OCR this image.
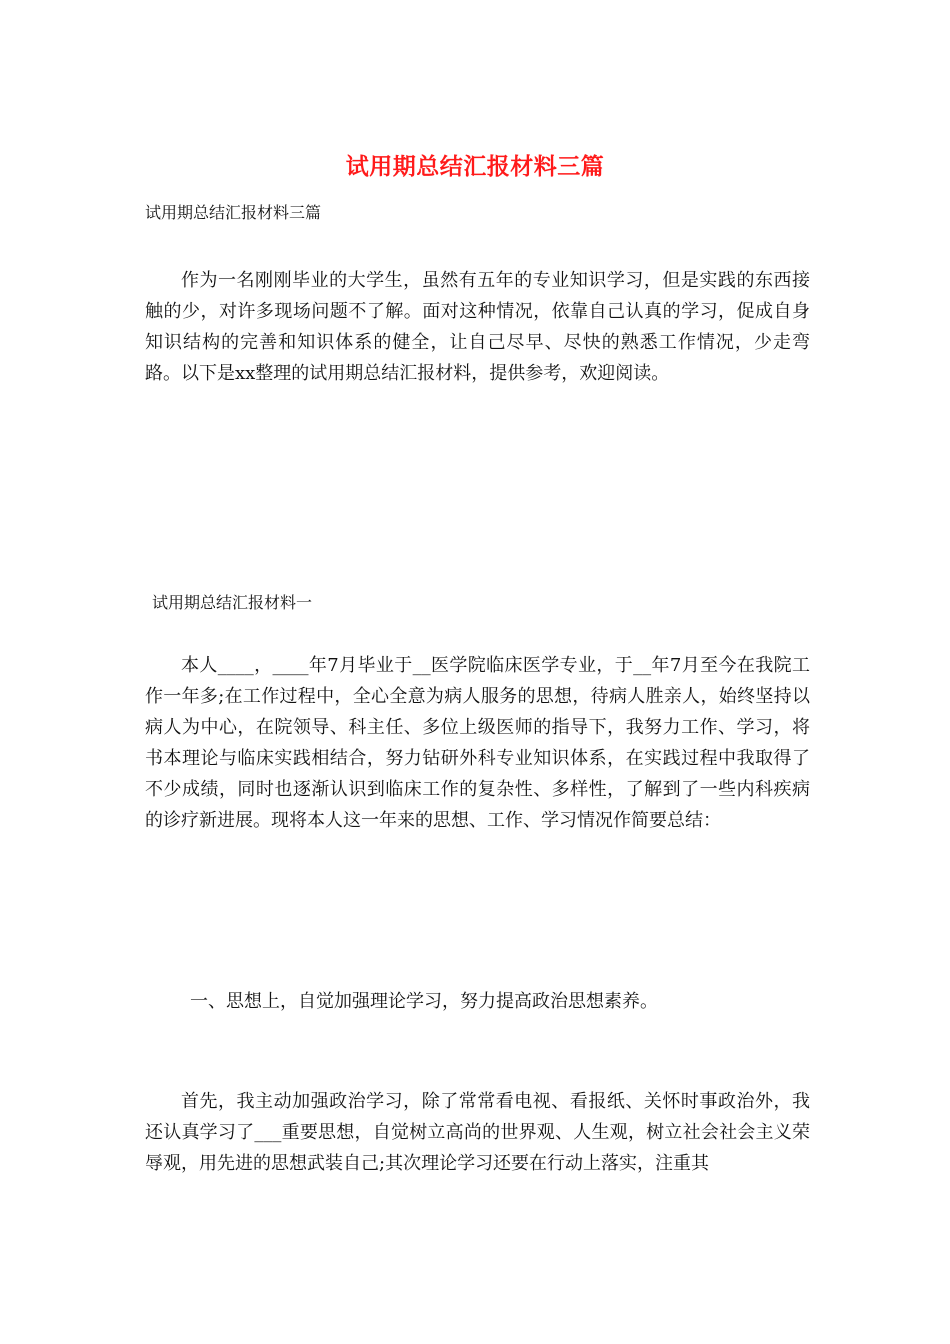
试用期总结汇报材料三篇
试用期总结汇报材料三篇

作为一名刚刚毕业的大学生，虽然有五年的专业知识学习，但是实践的东西接触的少，对许多现场问题不了解。面对这种情况，依靠自己认真的学习，促成自身知识结构的完善和知识体系的健全，让自己尽早、尽快的熟悉工作情况，少走弯路。以下是xx整理的试用期总结汇报材料，提供参考，欢迎阅读。

试用期总结汇报材料一

本人____，____年7月毕业于__医学院临床医学专业，于__年7月至今在我院工作一年多;在工作过程中，全心全意为病人服务的思想，待病人胜亲人，始终坚持以病人为中心，在院领导、科主任、多位上级医师的指导下，我努力工作、学习，将书本理论与临床实践相结合，努力钻研外科专业知识体系，在实践过程中我取得了不少成绩，同时也逐渐认识到临床工作的复杂性、多样性，了解到了一些内科疾病的诊疗新进展。现将本人这一年来的思想、工作、学习情况作简要总结：

一、思想上，自觉加强理论学习，努力提高政治思想素养。

首先，我主动加强政治学习，除了常常看电视、看报纸、关怀时事政治外，我还认真学习了___重要思想，自觉树立高尚的世界观、人生观，树立社会社会主义荣辱观，用先进的思想武装自己;其次理论学习还要在行动上落实，注重其
